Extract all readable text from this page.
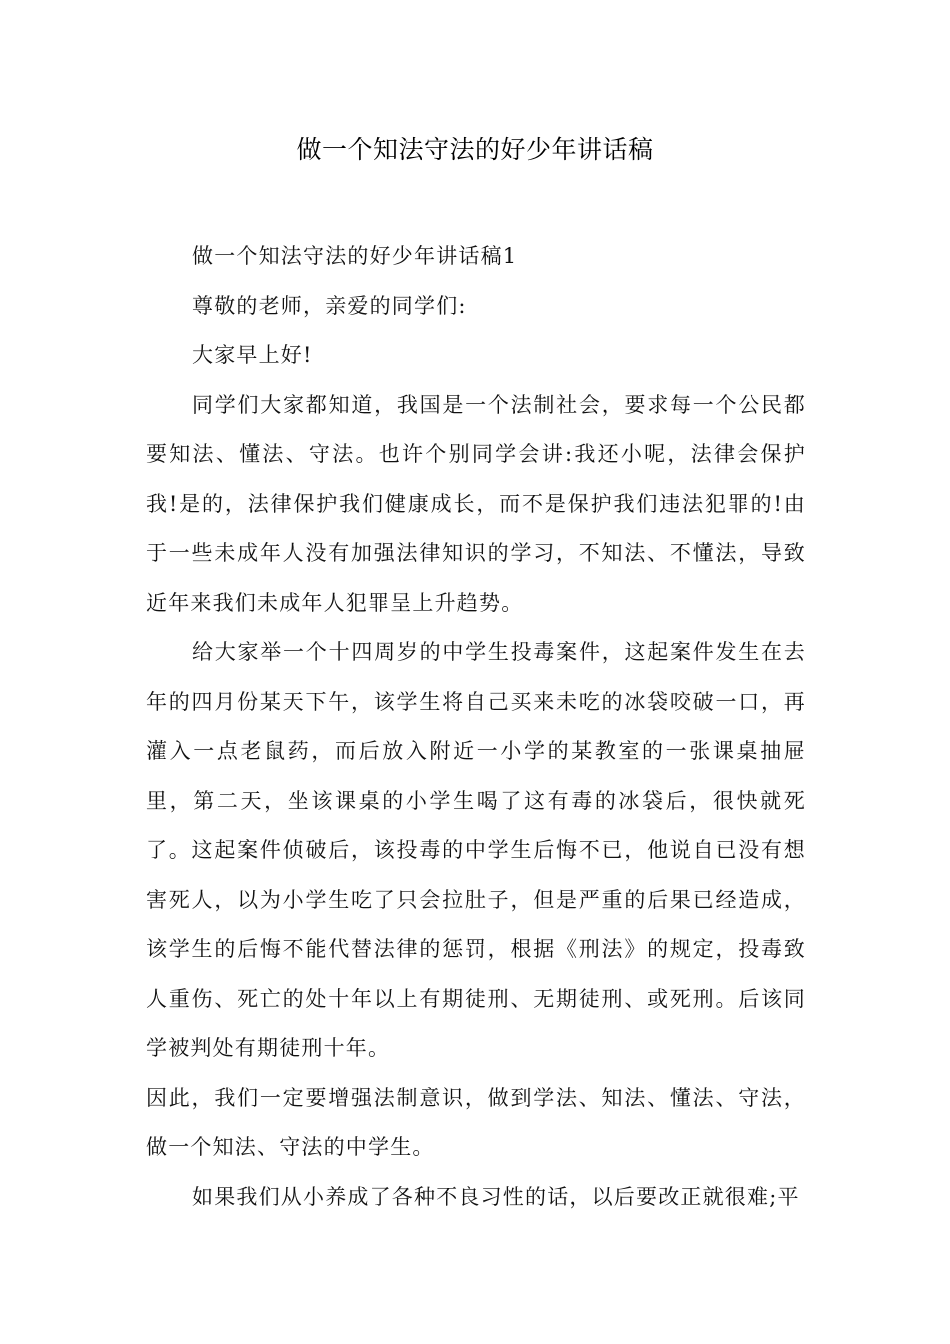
做一个知法守法的好少年讲话稿

做一个知法守法的好少年讲话稿1

尊敬的老师，亲爱的同学们:

大家早上好!

同学们大家都知道，我国是一个法制社会，要求每一个公民都要知法、懂法、守法。也许个别同学会讲:我还小呢，法律会保护我!是的，法律保护我们健康成长，而不是保护我们违法犯罪的!由于一些未成年人没有加强法律知识的学习，不知法、不懂法，导致近年来我们未成年人犯罪呈上升趋势。

给大家举一个十四周岁的中学生投毒案件，这起案件发生在去年的四月份某天下午，该学生将自己买来未吃的冰袋咬破一口，再灌入一点老鼠药，而后放入附近一小学的某教室的一张课桌抽屉里，第二天，坐该课桌的小学生喝了这有毒的冰袋后，很快就死了。这起案件侦破后，该投毒的中学生后悔不已，他说自已没有想害死人，以为小学生吃了只会拉肚子，但是严重的后果已经造成，该学生的后悔不能代替法律的惩罚，根据《刑法》的规定，投毒致人重伤、死亡的处十年以上有期徒刑、无期徒刑、或死刑。后该同学被判处有期徒刑十年。

因此，我们一定要增强法制意识，做到学法、知法、懂法、守法，做一个知法、守法的中学生。

如果我们从小养成了各种不良习性的话，以后要改正就很难;平
